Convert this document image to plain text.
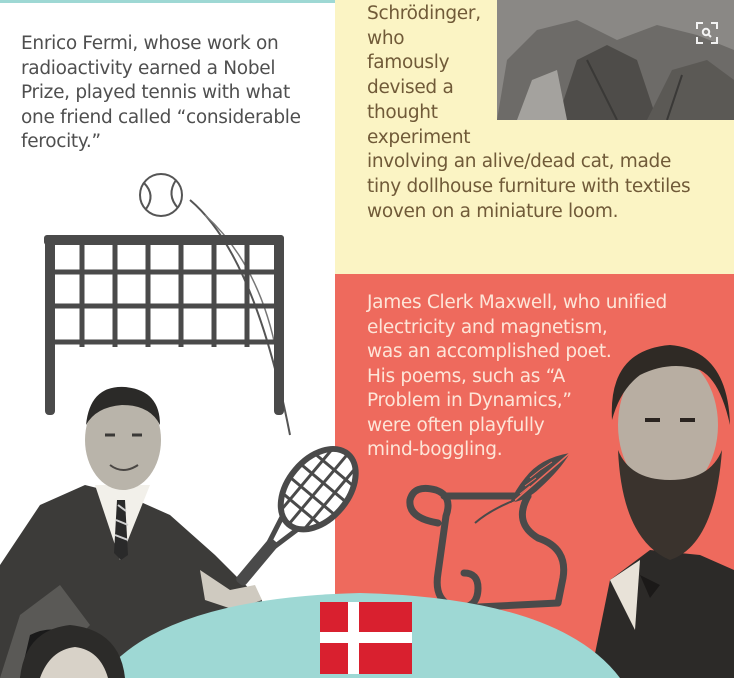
Enrico Fermi, whose work on
radioactivity earned a Nobel
Prize, played tennis with what
one friend called “considerable
ferocity.”
Schrödinger,
who
famously
devised a
thought
experiment
involving an alive/dead cat, made
tiny dollhouse furniture with textiles
woven on a miniature loom.
James Clerk Maxwell, who unified
electricity and magnetism,
was an accomplished poet.
His poems, such as “A
Problem in Dynamics,”
were often playfully
mind-boggling.
